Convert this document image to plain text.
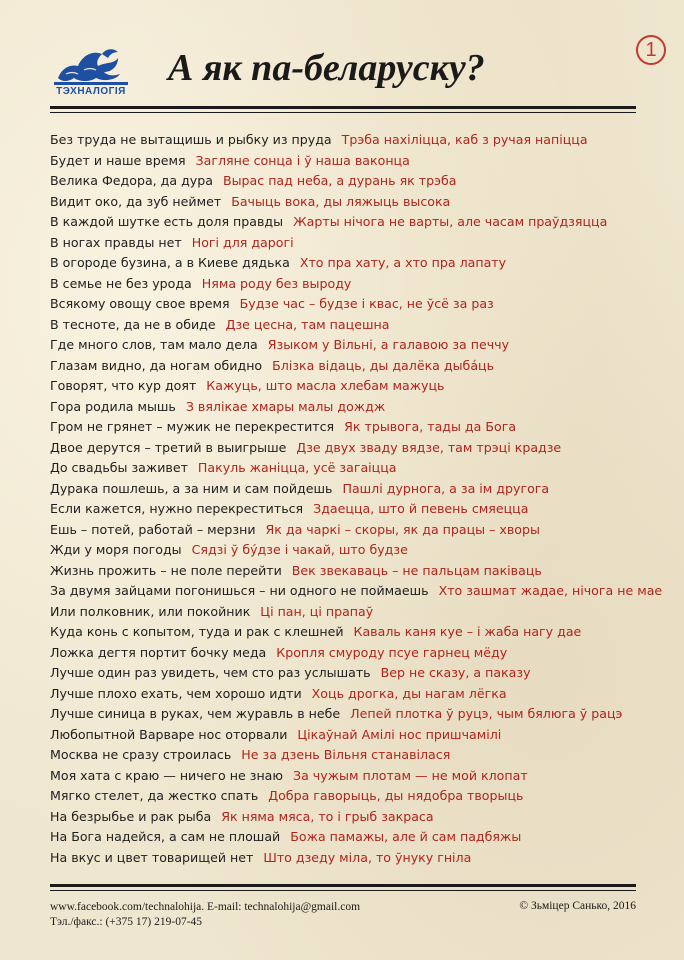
ТЭХНАЛОГІЯ
А як па-беларуску?	1
Без труда не вытащишь и рыбку из пруда Трэба нахіліцца, каб з ручая напіцца
Будет и наше время Загляне сонца і ў наша ваконца
Велика Федора, да дура Вырас пад неба, а дурань як трэба
Видит око, да зуб неймет Бачыць вока, ды ляжыць высока
В каждой шутке есть доля правды Жарты нічога не варты, але часам праўдзяцца
В ногах правды нет Ногі для дарогі
В огороде бузина, а в Киеве дядька Хто пра хату, а хто пра лапату
В семье не без урода Няма роду без выроду
Всякому овощу свое время Будзе час – будзе і квас, не ўсё за раз
В тесноте, да не в обиде Дзе цесна, там пацешна
Где много слов, там мало дела Языком у Вільні, а галавою за печчу
Глазам видно, да ногам обидно Блізка відаць, ды далёка дыбáць
Говорят, что кур доят Кажуць, што масла хлебам мажуць
Гора родила мышь З вялікае хмары малы дождж
Гром не грянет – мужик не перекрестится Як трывога, тады да Бога
Двое дерутся – третий в выигрыше Дзе двух зваду вядзе, там трэці крадзе
До свадьбы заживет Пакуль жаніцца, усё загаіцца
Дурака пошлешь, а за ним и сам пойдешь Пашлі дурнога, а за ім другога
Если кажется, нужно перекреститься Здаецца, што й певень смяецца
Ешь – потей, работай – мерзни Як да чаркі – скоры, як да працы – хворы
Жди у моря погоды Сядзі ў бýдзе і чакай, што будзе
Жизнь прожить – не поле перейти Век звекаваць – не пальцам паківаць
За двумя зайцами погонишься – ни одного не поймаешь Хто зашмат жадае, нічога не мае
Или полковник, или покойник Ці пан, ці прапаў
Куда конь с копытом, туда и рак с клешней Каваль каня куе – і жаба нагу дае
Ложка дегтя портит бочку меда Кропля смуроду псуе гарнец мёду
Лучше один раз увидеть, чем сто раз услышать Вер не сказу, а паказу
Лучше плохо ехать, чем хорошо идти Хоць дрогка, ды нагам лёгка
Лучше синица в руках, чем журавль в небе Лепей плотка ў руцэ, чым бялюга ў рацэ
Любопытной Варваре нос оторвали Цікаўнай Амілі нос пришчамілі
Москва не сразу строилась Не за дзень Вільня станавілася
Моя хата с краю — ничего не знаю За чужым плотам — не мой клопат
Мягко стелет, да жестко спать Добра гаворыць, ды нядобра творыць
На безрыбье и рак рыба Як няма мяса, то і грыб закраса
На Бога надейся, а сам не плошай Божа памажы, але й сам падбяжы
На вкус и цвет товарищей нет Што дзеду міла, то ўнуку гніла
www.facebook.com/technalohija. E-mail: technalohija@gmail.com
Тэл./факс.: (+375 17) 219-07-45
© Зьміцер Санько, 2016
